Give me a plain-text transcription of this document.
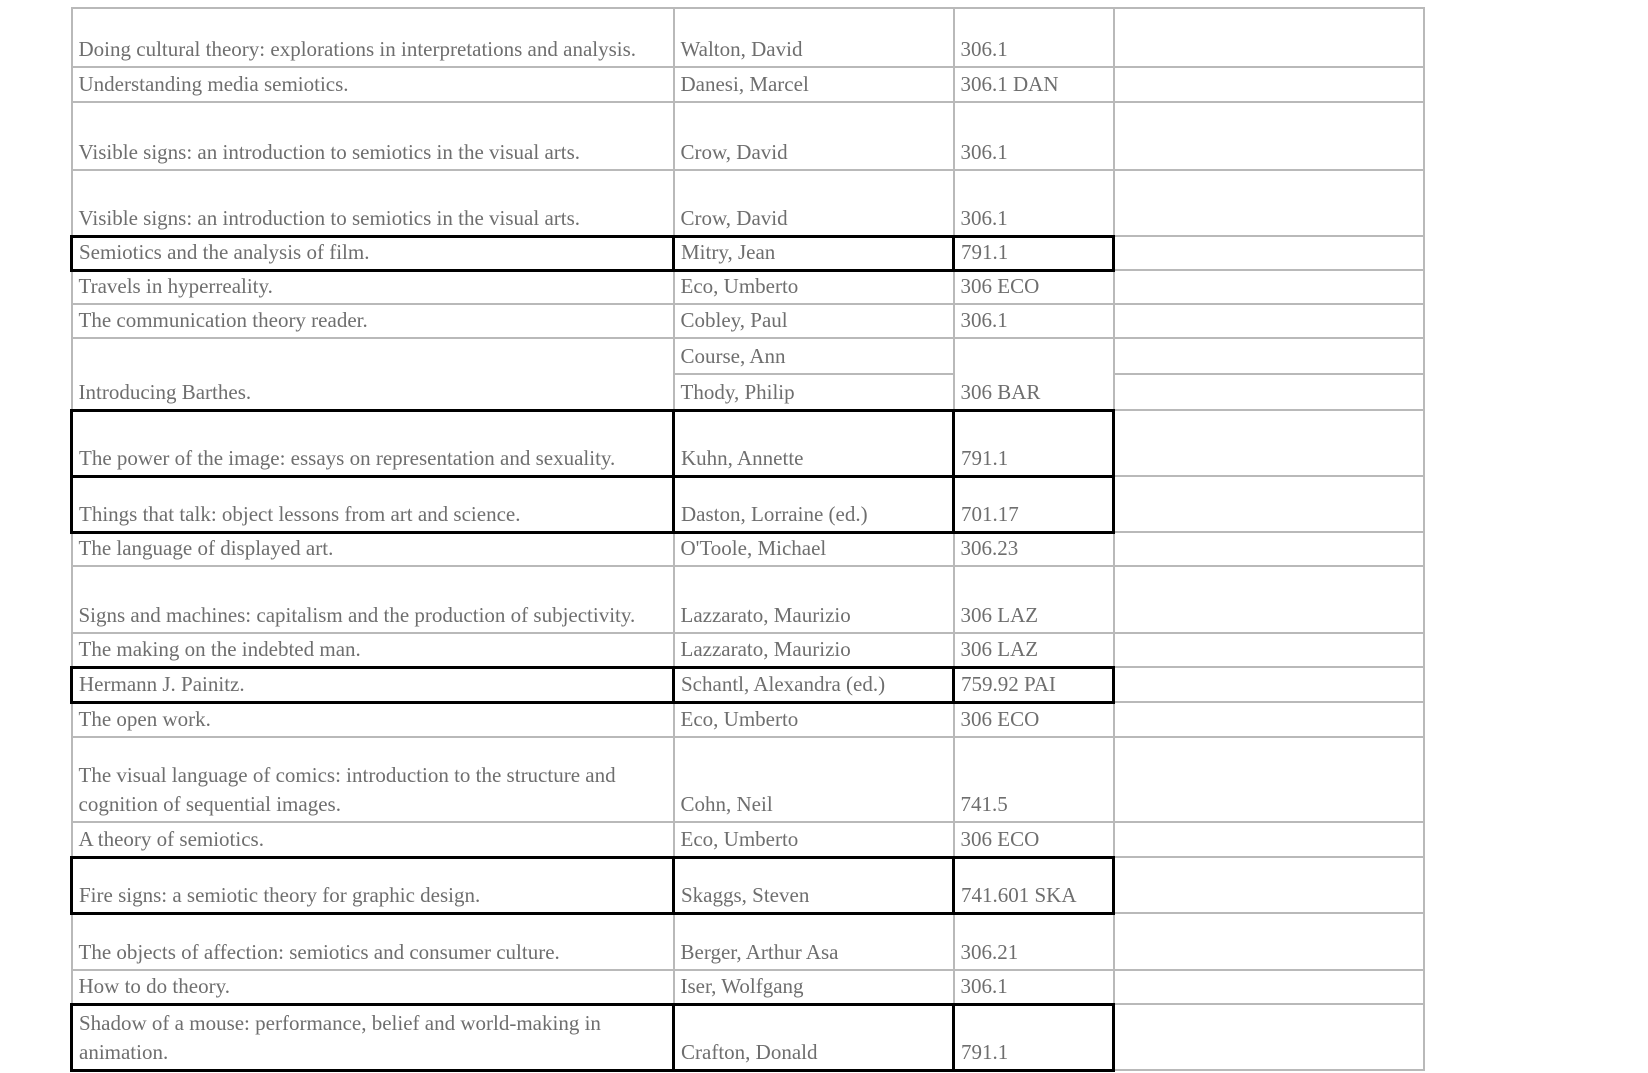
Doing cultural theory: explorations in interpretations and analysis.	Walton, David	306.1	
Understanding media semiotics.	Danesi, Marcel	306.1 DAN	
Visible signs: an introduction to semiotics in the visual arts.	Crow, David	306.1	
Visible signs: an introduction to semiotics in the visual arts.	Crow, David	306.1	
Semiotics and the analysis of film.	Mitry, Jean	791.1	
Travels in hyperreality.	Eco, Umberto	306 ECO	
The communication theory reader.	Cobley, Paul	306.1	
Introducing Barthes.	Course, Ann	306 BAR	
	Thody, Philip		
The power of the image: essays on representation and sexuality.	Kuhn, Annette	791.1	
Things that talk: object lessons from art and science.	Daston, Lorraine (ed.)	701.17	
The language of displayed art.	O'Toole, Michael	306.23	
Signs and machines: capitalism and the production of subjectivity.	Lazzarato, Maurizio	306 LAZ	
The making on the indebted man.	Lazzarato, Maurizio	306 LAZ	
Hermann J. Painitz.	Schantl, Alexandra (ed.)	759.92 PAI	
The open work.	Eco, Umberto	306 ECO	
The visual language of comics: introduction to the structure and cognition of sequential images.	Cohn, Neil	741.5	
A theory of semiotics.	Eco, Umberto	306 ECO	
Fire signs: a semiotic theory for graphic design.	Skaggs, Steven	741.601 SKA	
The objects of affection: semiotics and consumer culture.	Berger, Arthur Asa	306.21	
How to do theory.	Iser, Wolfgang	306.1	
Shadow of a mouse: performance, belief and world-making in animation.	Crafton, Donald	791.1	
